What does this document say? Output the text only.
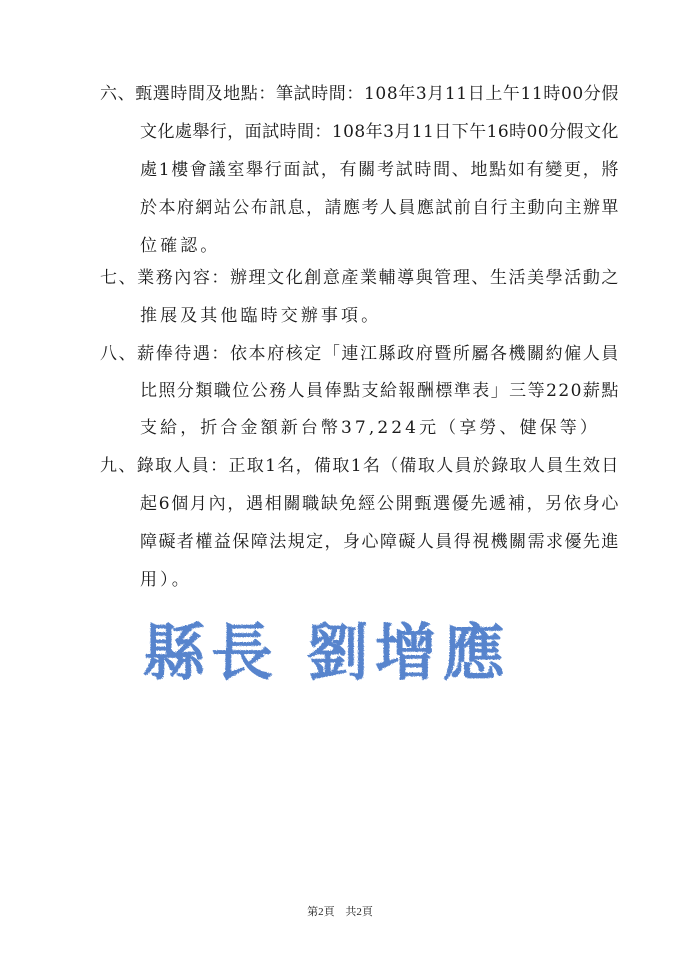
六、甄選時間及地點：筆試時間：108年3月11日上午11時00分假
文化處舉行，面試時間：108年3月11日下午16時00分假文化
處1樓會議室舉行面試，有關考試時間、地點如有變更，將
於本府網站公布訊息，請應考人員應試前自行主動向主辦單
位確認。
七、業務內容：辦理文化創意產業輔導與管理、生活美學活動之
推展及其他臨時交辦事項。
八、薪俸待遇：依本府核定「連江縣政府暨所屬各機關約僱人員
比照分類職位公務人員俸點支給報酬標準表」三等220薪點
支給，折合金額新台幣37,224元（享勞、健保等）
九、錄取人員：正取1名，備取1名（備取人員於錄取人員生效日
起6個月內，遇相關職缺免經公開甄選優先遞補，另依身心
障礙者權益保障法規定，身心障礙人員得視機關需求優先進
用）。
縣長 劉增應
第2頁 共2頁
